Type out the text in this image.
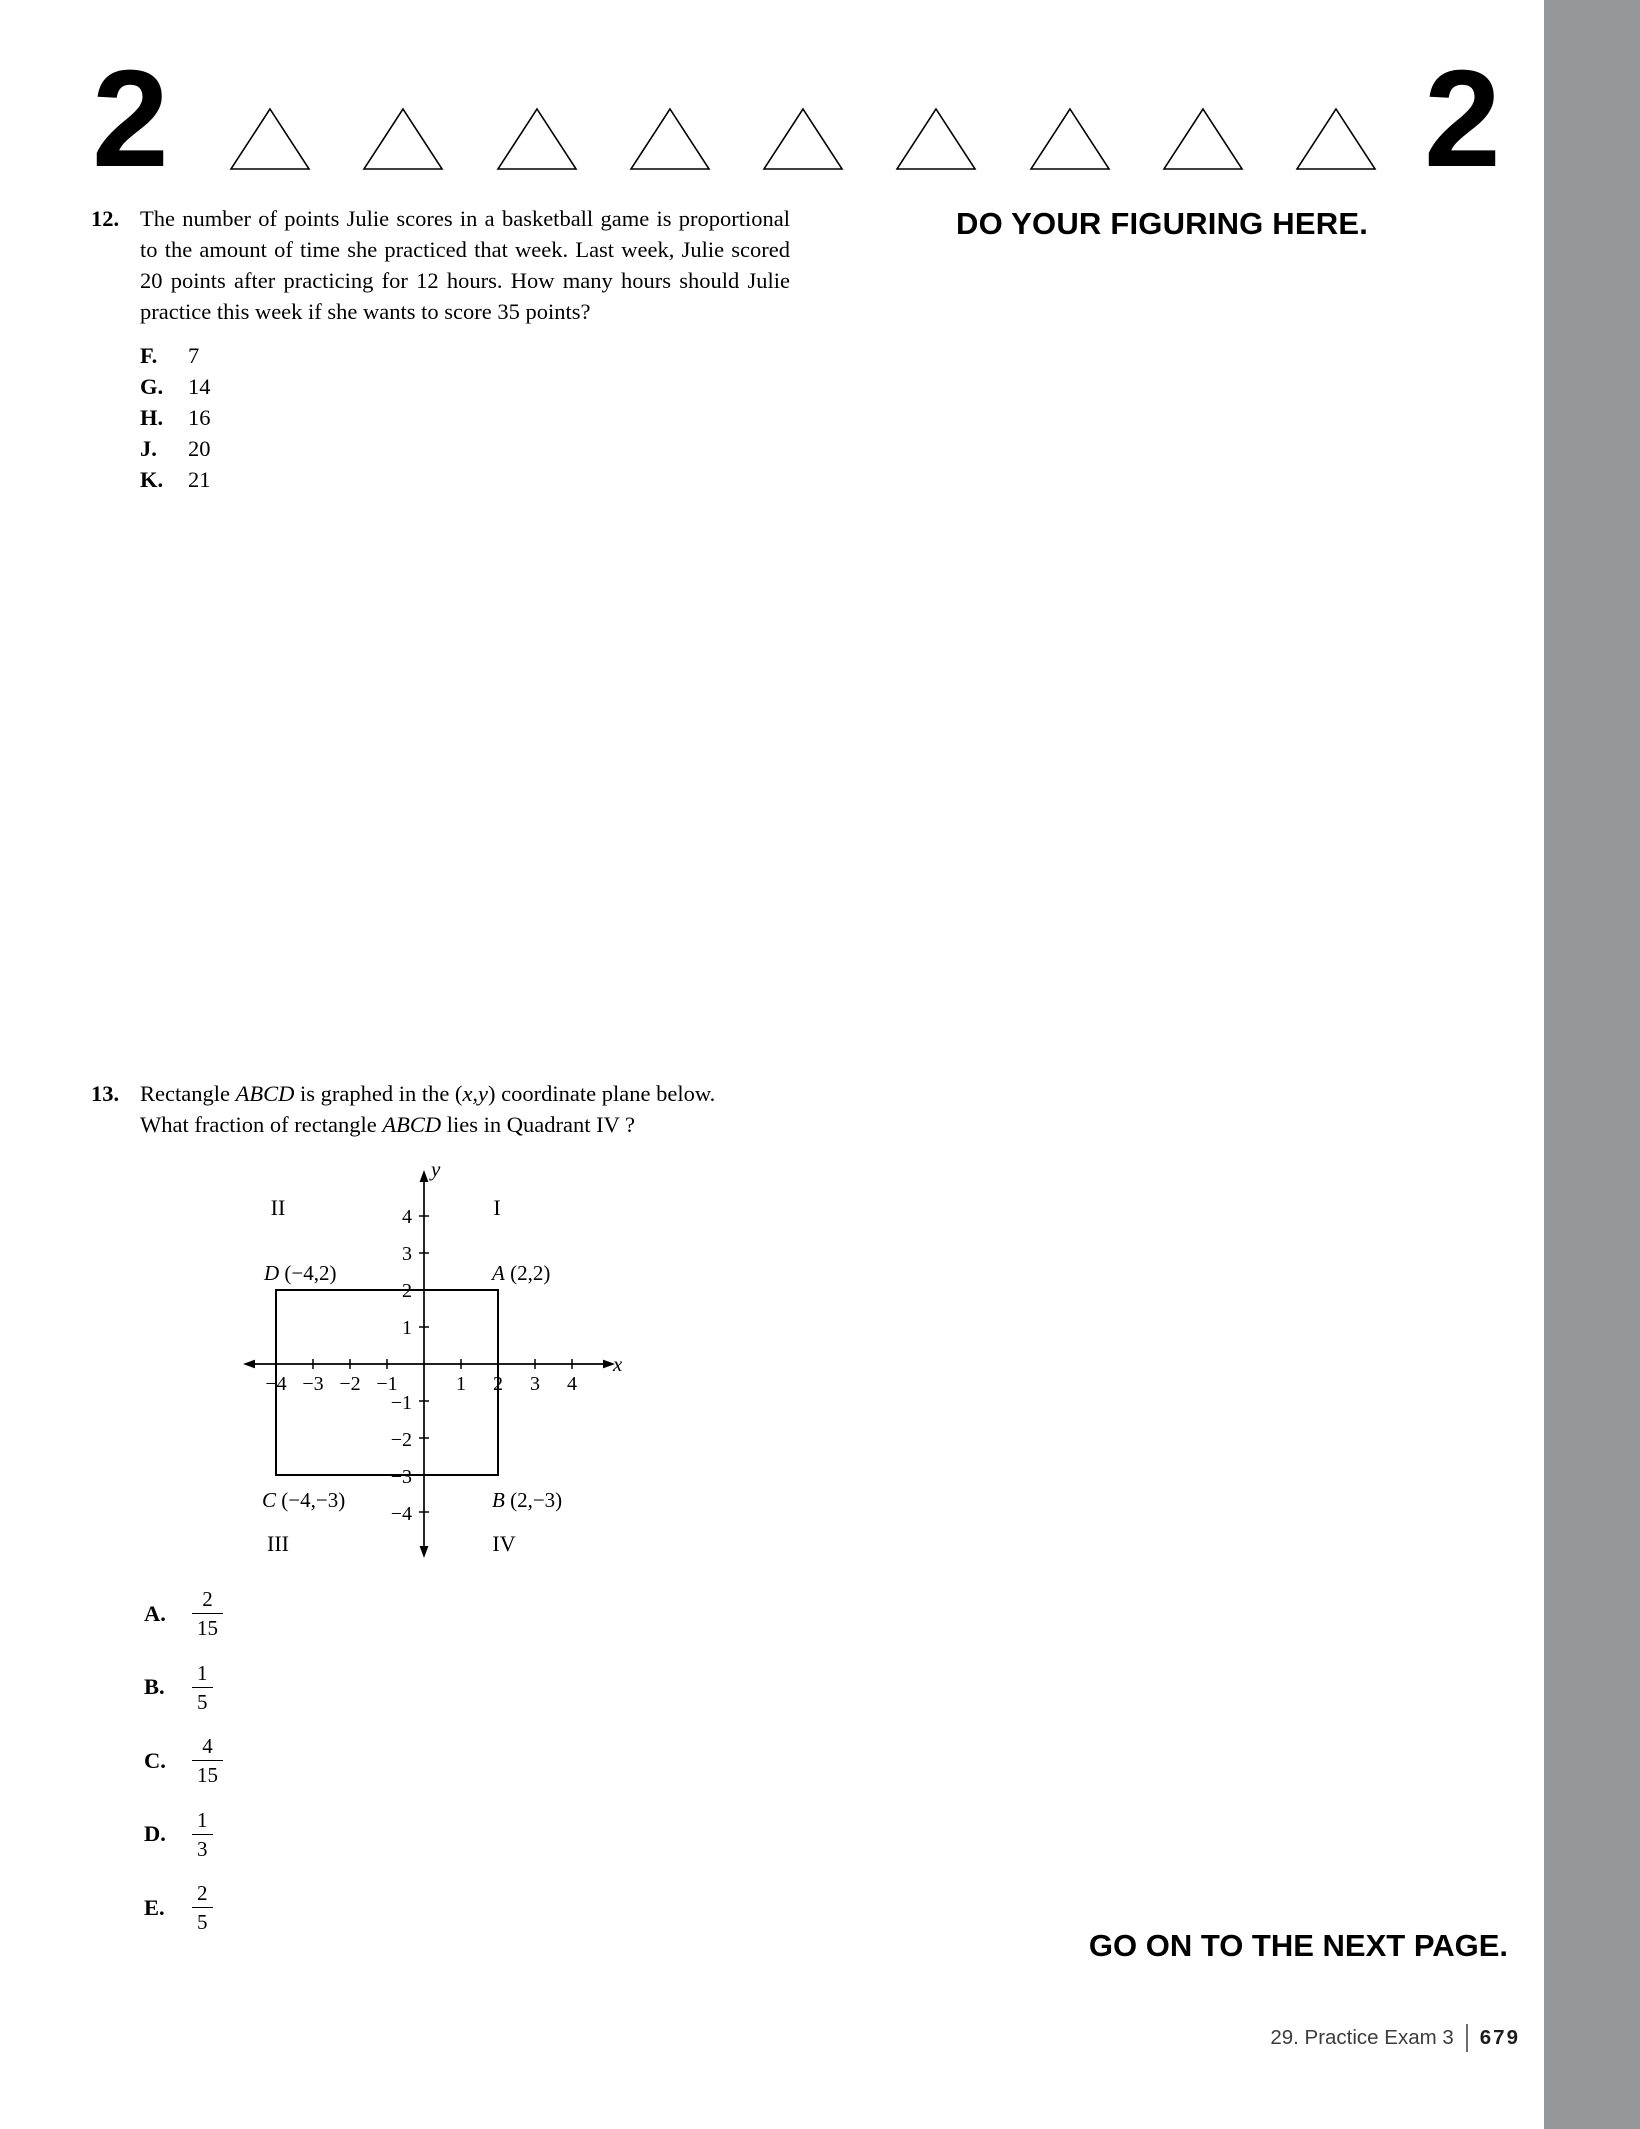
2	2
DO YOUR FIGURING HERE.
12. The number of points Julie scores in a basketball game is proportional to the amount of time she practiced that week. Last week, Julie scored 20 points after practicing for 12 hours. How many hours should Julie practice this week if she wants to score 35 points?

F.	7
G.	14
H.	16
J.	20
K.	21
13. Rectangle ABCD is graphed in the (x,y) coordinate plane below.
What fraction of rectangle ABCD lies in Quadrant IV ?

y
x
−4 −3 −2 −1	1 2 3 4
4
3
2
1
−1
−2
−3
−4
II	I
III	IV
D (−4,2)	A (2,2)
C (−4,−3)	B (2,−3)
A.	$\frac{2}{15}$
B.	$\frac{1}{5}$
C.	$\frac{4}{15}$
D.	$\frac{1}{3}$
E.	$\frac{2}{5}$
GO ON TO THE NEXT PAGE.
29. Practice Exam 3 679
